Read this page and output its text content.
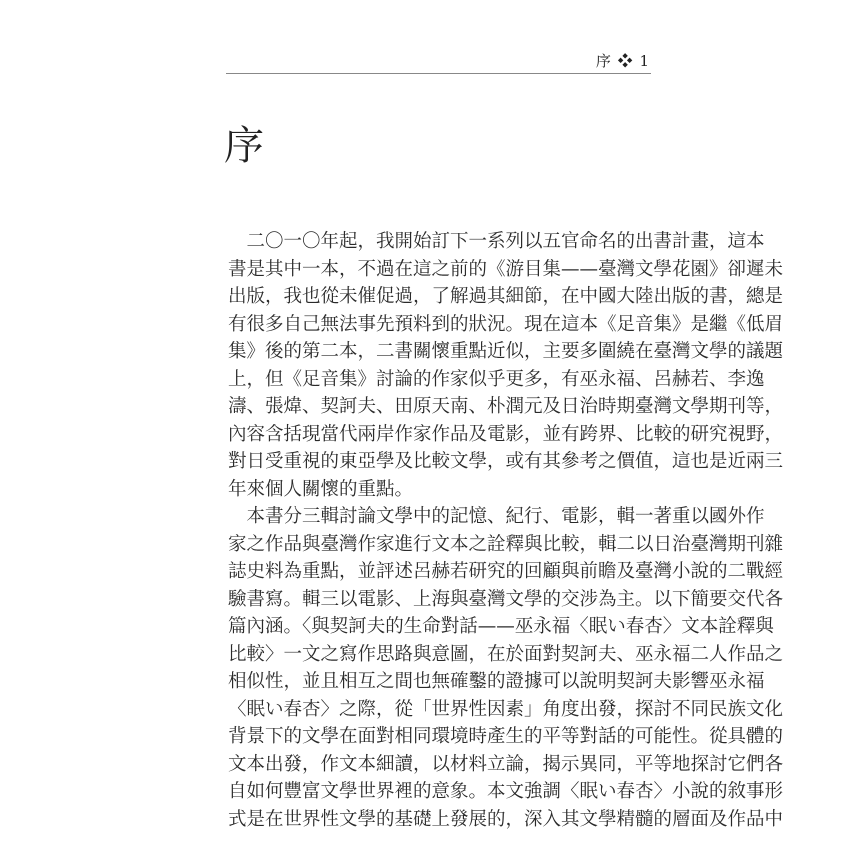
序 ❖ 1
序
　二〇一〇年起，我開始訂下一系列以五官命名的出書計畫，這本
書是其中一本，不過在這之前的《游目集——臺灣文學花園》卻遲未
出版，我也從未催促過，了解過其細節，在中國大陸出版的書，總是
有很多自己無法事先預料到的狀況。現在這本《足音集》是繼《低眉
集》後的第二本，二書關懷重點近似，主要多圍繞在臺灣文學的議題
上，但《足音集》討論的作家似乎更多，有巫永福、呂赫若、李逸
濤、張煒、契訶夫、田原天南、朴潤元及日治時期臺灣文學期刊等，
內容含括現當代兩岸作家作品及電影，並有跨界、比較的研究視野，
對日受重視的東亞學及比較文學，或有其參考之價值，這也是近兩三
年來個人關懷的重點。
　本書分三輯討論文學中的記憶、紀行、電影，輯一著重以國外作
家之作品與臺灣作家進行文本之詮釋與比較，輯二以日治臺灣期刊雜
誌史料為重點，並評述呂赫若研究的回顧與前瞻及臺灣小說的二戰經
驗書寫。輯三以電影、上海與臺灣文學的交涉為主。以下簡要交代各
篇內涵。〈與契訶夫的生命對話——巫永福〈眠い春杏〉文本詮釋與
比較〉一文之寫作思路與意圖，在於面對契訶夫、巫永福二人作品之
相似性，並且相互之間也無確鑿的證據可以說明契訶夫影響巫永福
〈眠い春杏〉之際，從「世界性因素」角度出發，探討不同民族文化
背景下的文學在面對相同環境時產生的平等對話的可能性。從具體的
文本出發，作文本細讀，以材料立論，揭示異同，平等地探討它們各
自如何豐富文學世界裡的意象。本文強調〈眠い春杏〉小說的敘事形
式是在世界性文學的基礎上發展的，深入其文學精髓的層面及作品中
